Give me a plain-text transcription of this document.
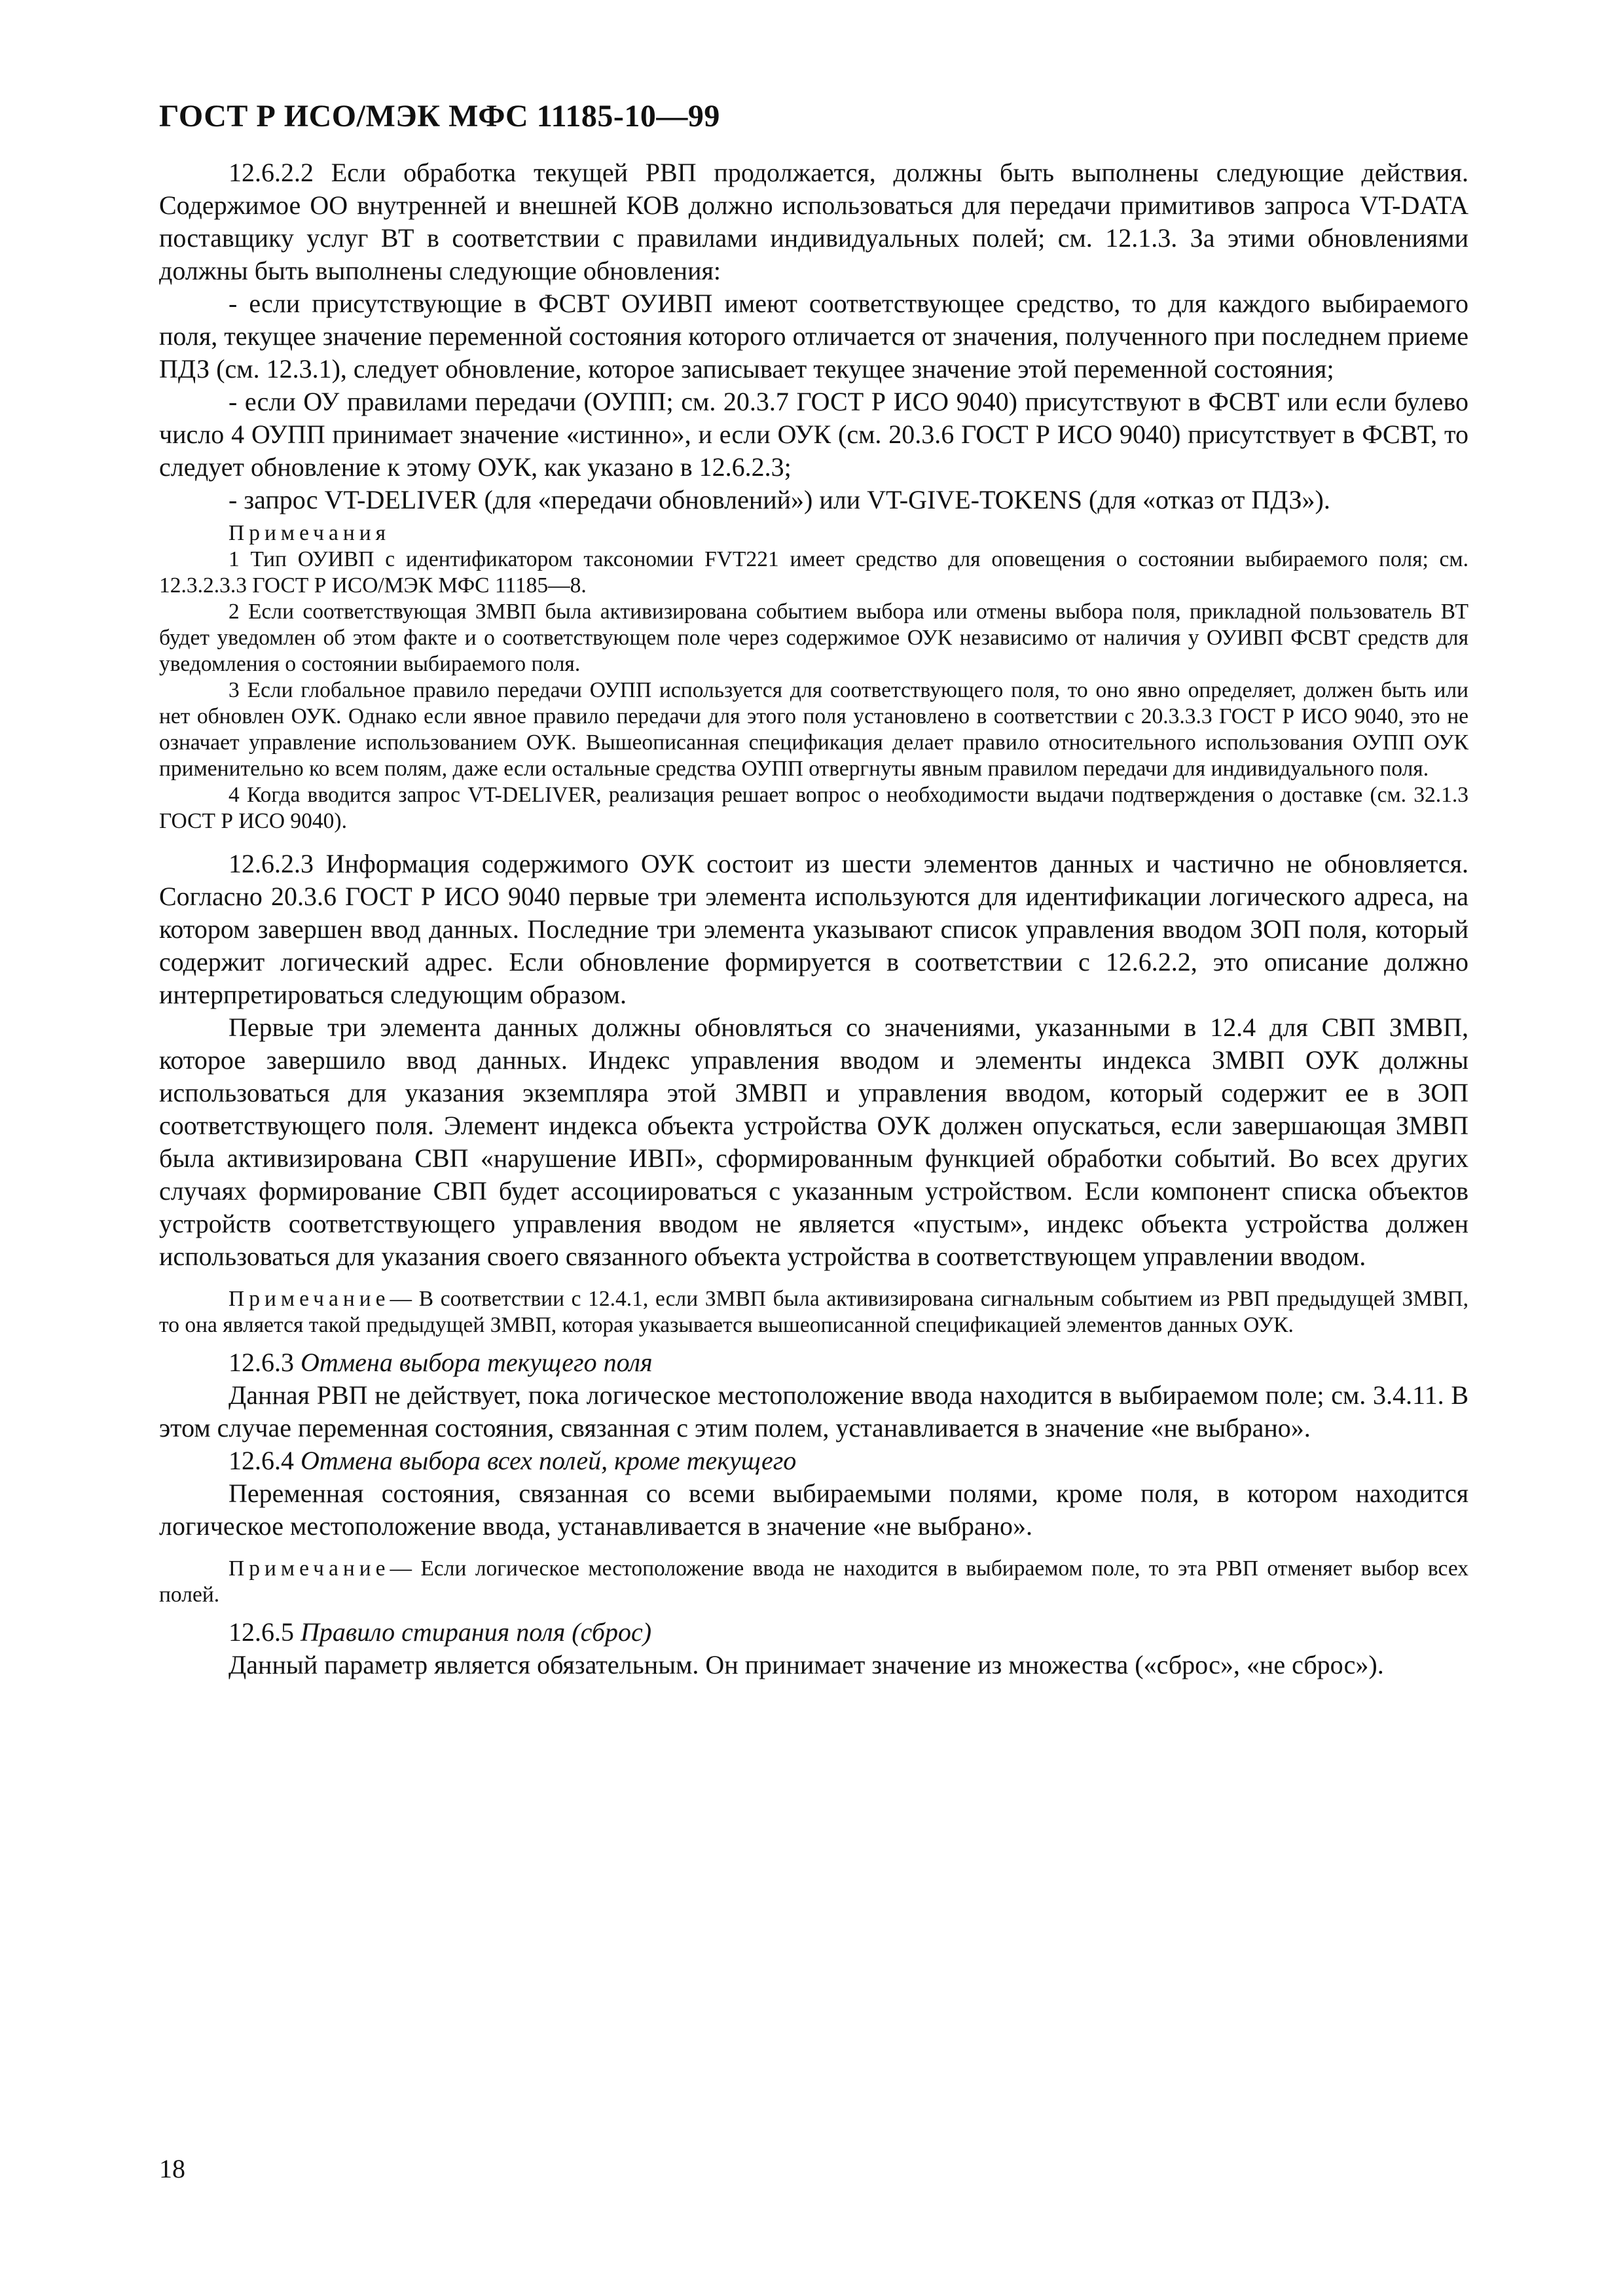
ГОСТ Р ИСО/МЭК МФС 11185-10—99

12.6.2.2 Если обработка текущей РВП продолжается, должны быть выполнены следующие действия. Содержимое ОО внутренней и внешней КОВ должно использоваться для передачи примитивов запроса VT-DATA поставщику услуг ВТ в соответствии с правилами индивидуальных полей; см. 12.1.3. За этими обновлениями должны быть выполнены следующие обновления:

- если присутствующие в ФСВТ ОУИВП имеют соответствующее средство, то для каждого выбираемого поля, текущее значение переменной состояния которого отличается от значения, полученного при последнем приеме ПДЗ (см. 12.3.1), следует обновление, которое записывает текущее значение этой переменной состояния;

- если ОУ правилами передачи (ОУПП; см. 20.3.7 ГОСТ Р ИСО 9040) присутствуют в ФСВТ или если булево число 4 ОУПП принимает значение «истинно», и если ОУК (см. 20.3.6 ГОСТ Р ИСО 9040) присутствует в ФСВТ, то следует обновление к этому ОУК, как указано в 12.6.2.3;

- запрос VT-DELIVER (для «передачи обновлений») или VT-GIVE-TOKENS (для «отказ от ПДЗ»).

Примечания

1 Тип ОУИВП с идентификатором таксономии FVT221 имеет средство для оповещения о состоянии выбираемого поля; см. 12.3.2.3.3 ГОСТ Р ИСО/МЭК МФС 11185—8.

2 Если соответствующая ЗМВП была активизирована событием выбора или отмены выбора поля, прикладной пользователь ВТ будет уведомлен об этом факте и о соответствующем поле через содержимое ОУК независимо от наличия у ОУИВП ФСВТ средств для уведомления о состоянии выбираемого поля.

3 Если глобальное правило передачи ОУПП используется для соответствующего поля, то оно явно определяет, должен быть или нет обновлен ОУК. Однако если явное правило передачи для этого поля установлено в соответствии с 20.3.3.3 ГОСТ Р ИСО 9040, это не означает управление использованием ОУК. Вышеописанная спецификация делает правило относительного использования ОУПП ОУК применительно ко всем полям, даже если остальные средства ОУПП отвергнуты явным правилом передачи для индивидуального поля.

4 Когда вводится запрос VT-DELIVER, реализация решает вопрос о необходимости выдачи подтверждения о доставке (см. 32.1.3 ГОСТ Р ИСО 9040).

12.6.2.3 Информация содержимого ОУК состоит из шести элементов данных и частично не обновляется. Согласно 20.3.6 ГОСТ Р ИСО 9040 первые три элемента используются для идентификации логического адреса, на котором завершен ввод данных. Последние три элемента указывают список управления вводом ЗОП поля, который содержит логический адрес. Если обновление формируется в соответствии с 12.6.2.2, это описание должно интерпретироваться следующим образом.

Первые три элемента данных должны обновляться со значениями, указанными в 12.4 для СВП ЗМВП, которое завершило ввод данных. Индекс управления вводом и элементы индекса ЗМВП ОУК должны использоваться для указания экземпляра этой ЗМВП и управления вводом, который содержит ее в ЗОП соответствующего поля. Элемент индекса объекта устройства ОУК должен опускаться, если завершающая ЗМВП была активизирована СВП «нарушение ИВП», сформированным функцией обработки событий. Во всех других случаях формирование СВП будет ассоциироваться с указанным устройством. Если компонент списка объектов устройств соответствующего управления вводом не является «пустым», индекс объекта устройства должен использоваться для указания своего связанного объекта устройства в соответствующем управлении вводом.

Примечание— В соответствии с 12.4.1, если ЗМВП была активизирована сигнальным событием из РВП предыдущей ЗМВП, то она является такой предыдущей ЗМВП, которая указывается вышеописанной спецификацией элементов данных ОУК.

12.6.3 Отмена выбора текущего поля

Данная РВП не действует, пока логическое местоположение ввода находится в выбираемом поле; см. 3.4.11. В этом случае переменная состояния, связанная с этим полем, устанавливается в значение «не выбрано».

12.6.4 Отмена выбора всех полей, кроме текущего

Переменная состояния, связанная со всеми выбираемыми полями, кроме поля, в котором находится логическое местоположение ввода, устанавливается в значение «не выбрано».

Примечание— Если логическое местоположение ввода не находится в выбираемом поле, то эта РВП отменяет выбор всех полей.

12.6.5 Правило стирания поля (сброс)

Данный параметр является обязательным. Он принимает значение из множества («сброс», «не сброс»).

18
